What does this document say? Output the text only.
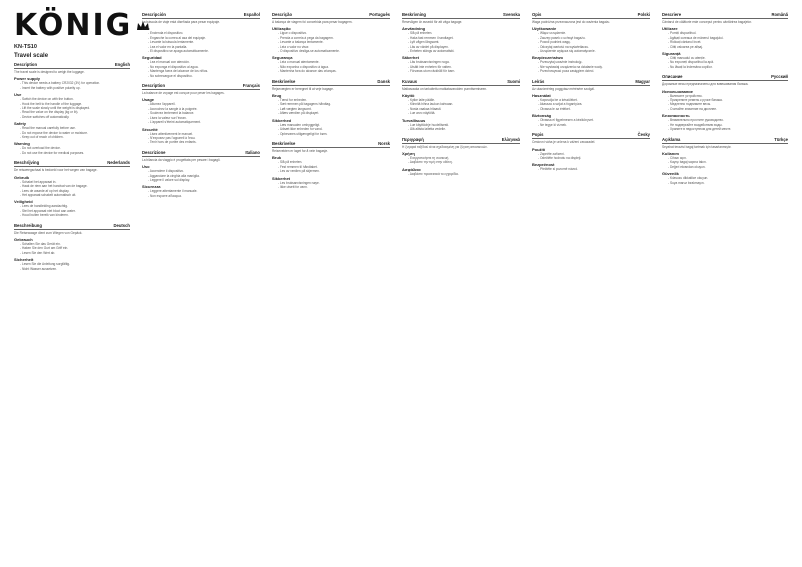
KÖNIG
KN-TS10
Travel scale
Description	English
The travel scale is designed to weigh the luggage.
Power supply
- This device needs a battery CR2032 (3V) for operation.
- Insert the battery with positive polarity up.
Use
- Switch the device on with the button.
- Hook the belt to the handle of the luggage.
- Lift the scale slowly until the weight is displayed.
- Read the value on the display (kg or lb).
- Device switches off automatically.
Safety
- Read the manual carefully before use.
- Do not expose the device to water or moisture.
- Keep out of reach of children.
Warning
- Do not overload the device.
- Do not use the device for medical purposes.
Beschrijving	Nederlands
De reisweegschaal is bedoeld voor het wegen van bagage.
Gebruik
- Schakel het apparaat in.
- Haak de riem aan het handvat van de bagage.
- Lees de waarde af op het display.
- Het apparaat schakelt automatisch uit.
Veiligheid
- Lees de handleiding aandachtig.
- Stel het apparaat niet bloot aan water.
- Houd buiten bereik van kinderen.
Beschreibung	Deutsch
Die Reisewaage dient zum Wiegen von Gepäck.
Gebrauch
- Schalten Sie das Gerät ein.
- Haken Sie den Gurt am Griff ein.
- Lesen Sie den Wert ab.
Sicherheit
- Lesen Sie die Anleitung sorgfältig.
- Nicht Wasser aussetzen.
Descripción	Español
La báscula de viaje está diseñada para pesar equipaje.
Uso
- Encienda el dispositivo.
- Enganche la correa al asa del equipaje.
- Levante la báscula lentamente.
- Lea el valor en la pantalla.
- El dispositivo se apaga automáticamente.
Seguridad
- Lea el manual con atención.
- No exponga el dispositivo al agua.
- Mantenga fuera del alcance de los niños.
- No sobrecargue el dispositivo.
Description	Français
La balance de voyage est conçue pour peser les bagages.
Usage
- Allumez l'appareil.
- Accrochez la sangle à la poignée.
- Soulevez lentement la balance.
- Lisez la valeur sur l'écran.
- L'appareil s'éteint automatiquement.
Sécurité
- Lisez attentivement le manuel.
- N'exposez pas l'appareil à l'eau.
- Tenir hors de portée des enfants.
Descrizione	Italiano
La bilancia da viaggio è progettata per pesare i bagagli.
Uso
- Accendere il dispositivo.
- Agganciare la cinghia alla maniglia.
- Leggere il valore sul display.
Sicurezza
- Leggere attentamente il manuale.
- Non esporre all'acqua.
Descrição	Português
A balança de viagem foi concebida para pesar bagagem.
Utilização
- Ligue o dispositivo.
- Prenda a correia à pega da bagagem.
- Levante a balança lentamente.
- Leia o valor no visor.
- O dispositivo desliga-se automaticamente.
Segurança
- Leia o manual atentamente.
- Não exponha o dispositivo à água.
- Mantenha fora do alcance das crianças.
Beskrivelse	Dansk
Rejsevægten er beregnet til at veje bagage.
Brug
- Tænd for enheden.
- Sæt remmen på bagagens håndtag.
- Løft vægten langsomt.
- Aflæs værdien på displayet.
Sikkerhed
- Læs manualen omhyggeligt.
- Udsæt ikke enheden for vand.
- Opbevares utilgængeligt for børn.
Beskrivelse	Norsk
Reisevekten er laget for å veie bagasje.
Bruk
- Slå på enheten.
- Fest remmen til håndtaket.
- Les av verdien på skjermen.
Sikkerhet
- Les bruksanvisningen nøye.
- Ikke utsett for vann.
Beskrivning	Svenska
Resevågen är avsedd för att väga bagage.
Användning
- Slå på enheten.
- Haka fast remmen i handtaget.
- Lyft vågen långsamt.
- Läs av värdet på displayen.
- Enheten stängs av automatiskt.
Säkerhet
- Läs bruksanvisningen noga.
- Utsätt inte enheten för vatten.
- Förvaras utom räckhåll för barn.
Kuvaus	Suomi
Matkavaaka on tarkoitettu matkatavaroiden punnitsemiseen.
Käyttö
- Kytke laite päälle.
- Kiinnitä hihna laukun kahvaan.
- Nosta vaakaa hitaasti.
- Lue arvo näytöltä.
Turvallisuus
- Lue käyttöohje huolellisesti.
- Älä altista laitetta vedelle.
Περιγραφή	Ελληνικά
Η ζυγαριά ταξιδιού είναι σχεδιασμένη για ζύγιση αποσκευών.
Χρήση
- Ενεργοποιήστε τη συσκευή.
- Διαβάστε την τιμή στην οθόνη.
Ασφάλεια
- Διαβάστε προσεκτικά το εγχειρίδιο.
Opis	Polski
Waga podróżna przeznaczona jest do ważenia bagażu.
Użytkowanie
- Włącz urządzenie.
- Zaczep pasek o uchwyt bagażu.
- Powoli podnieś wagę.
- Odczytaj wartość na wyświetlaczu.
- Urządzenie wyłącza się automatycznie.
Bezpieczeństwo
- Przeczytaj uważnie instrukcję.
- Nie wystawiaj urządzenia na działanie wody.
- Przechowywać poza zasięgiem dzieci.
Leírás	Magyar
Az utazómérleg poggyász mérésére szolgál.
Használat
- Kapcsolja be a készüléket.
- Akassza a szíjat a fogantyúra.
- Olvassa le az értéket.
Biztonság
- Olvassa el figyelmesen a kézikönyvet.
- Ne tegye ki víznek.
Popis	Česky
Cestovní váha je určena k vážení zavazadel.
Použití
- Zapněte zařízení.
- Odečtěte hodnotu na displeji.
Bezpečnost
- Přečtěte si pozorně návod.
Descriere	Română
Cântarul de călătorie este conceput pentru cântărirea bagajelor.
Utilizare
- Porniți dispozitivul.
- Agățați cureaua de mânerul bagajului.
- Ridicați cântarul încet.
- Citiți valoarea pe afișaj.
Siguranță
- Citiți manualul cu atenție.
- Nu expuneți dispozitivul la apă.
- Nu lăsați la îndemâna copiilor.
Описание	Русский
Дорожные весы предназначены для взвешивания багажа.
Использование
- Включите устройство.
- Прикрепите ремень к ручке багажа.
- Медленно поднимите весы.
- Считайте значение на дисплее.
Безопасность
- Внимательно прочтите руководство.
- Не подвергайте воздействию воды.
- Храните в недоступном для детей месте.
Açıklama	Türkçe
Seyahat terazisi bagaj tartmak için tasarlanmıştır.
Kullanım
- Cihazı açın.
- Kayışı bagaj sapına takın.
- Değeri ekrandan okuyun.
Güvenlik
- Kılavuzu dikkatlice okuyun.
- Suya maruz bırakmayın.
